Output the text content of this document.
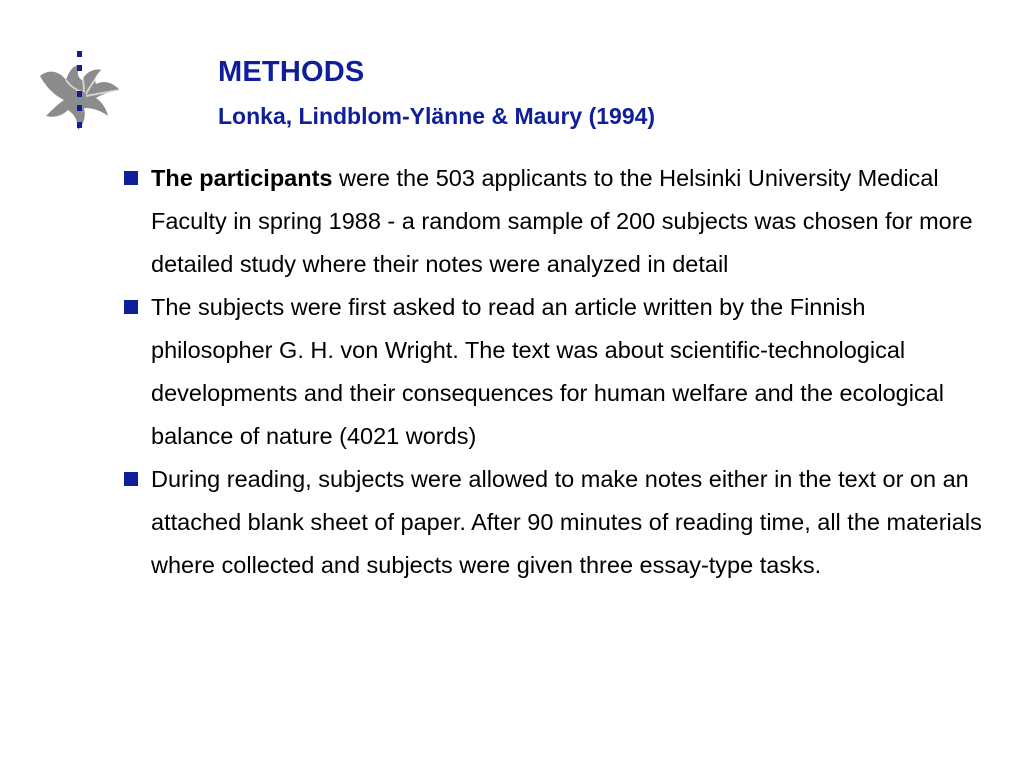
METHODS
Lonka, Lindblom-Ylänne & Maury (1994)
The participants were the 503 applicants to the Helsinki University Medical Faculty in spring 1988 - a random sample of 200 subjects was chosen for more detailed study where their notes were analyzed in detail
The subjects were first asked to read an article written by the Finnish philosopher G. H. von Wright. The text was about scientific-technological developments and their consequences for human welfare and the ecological balance of nature (4021 words)
During reading, subjects were allowed to make notes either in the text or on an attached blank sheet of paper. After 90 minutes of reading time, all the materials where collected and subjects were given three essay-type tasks.
